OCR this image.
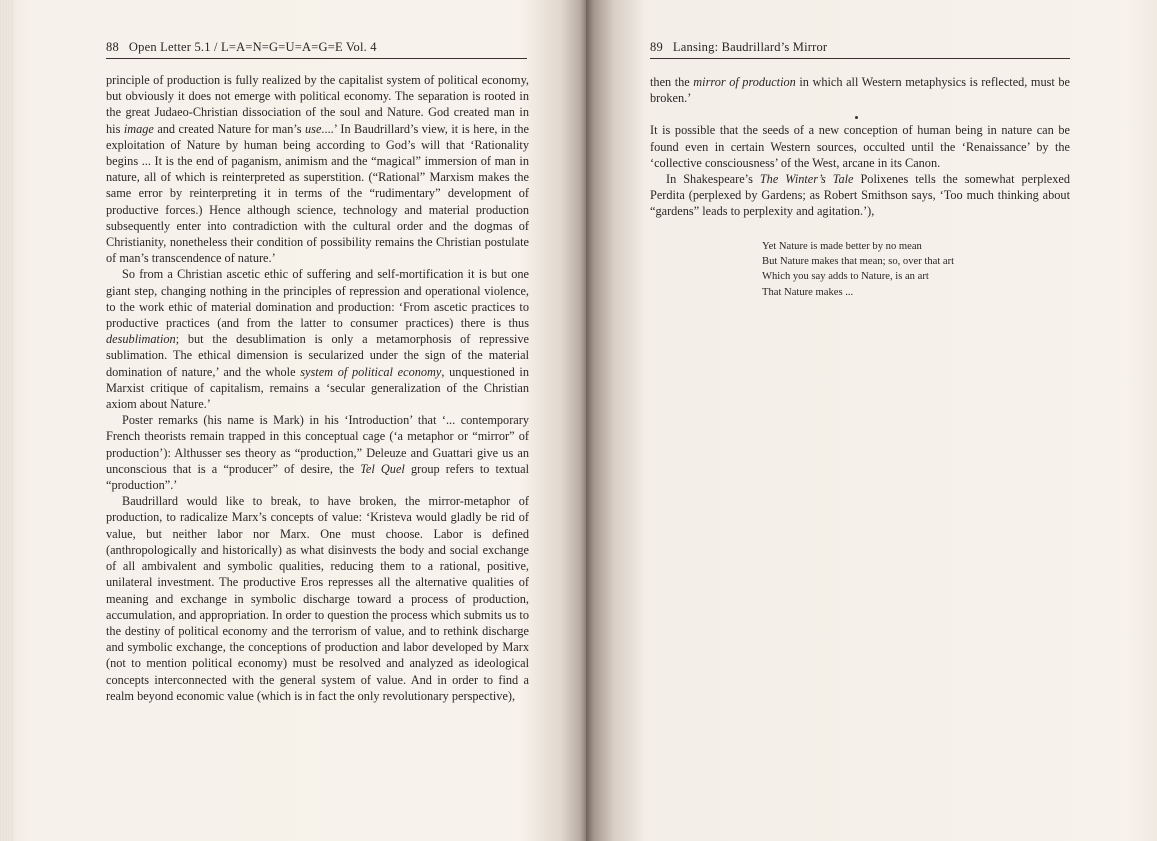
88 Open Letter 5.1 / L=A=N=G=U=A=G=E Vol. 4

principle of production is fully realized by the capitalist system of political economy, but obviously it does not emerge with political economy. The separation is rooted in the great Judaeo-Christian dissociation of the soul and Nature. God created man in his image and created Nature for man’s use....’ In Baudrillard’s view, it is here, in the exploitation of Nature by human being according to God’s will that ‘Rationality begins ... It is the end of paganism, animism and the “magical” immersion of man in nature, all of which is reinterpreted as superstition. (“Rational” Marxism makes the same error by reinterpreting it in terms of the “rudimentary” development of productive forces.) Hence although science, technology and material production subsequently enter into contradiction with the cultural order and the dogmas of Christianity, nonetheless their condition of possibility remains the Christian postulate of man’s transcendence of nature.’

So from a Christian ascetic ethic of suffering and self-mortification it is but one giant step, changing nothing in the principles of repression and operational violence, to the work ethic of material domination and production: ‘From ascetic practices to productive practices (and from the latter to consumer practices) there is thus desublimation; but the desublimation is only a metamorphosis of repressive sublimation. The ethical dimension is secularized under the sign of the material domination of nature,’ and the whole system of political economy, unquestioned in Marxist critique of capitalism, remains a ‘secular generalization of the Christian axiom about Nature.’

Poster remarks (his name is Mark) in his ‘Introduction’ that ‘... contemporary French theorists remain trapped in this conceptual cage (‘a metaphor or “mirror” of production’): Althusser ses theory as “production,” Deleuze and Guattari give us an unconscious that is a “producer” of desire, the Tel Quel group refers to textual “production”.’

Baudrillard would like to break, to have broken, the mirror-metaphor of production, to radicalize Marx’s concepts of value: ‘Kristeva would gladly be rid of value, but neither labor nor Marx. One must choose. Labor is defined (anthropologically and historically) as what disinvests the body and social exchange of all ambivalent and symbolic qualities, reducing them to a rational, positive, unilateral investment. The productive Eros represses all the alternative qualities of meaning and exchange in symbolic discharge toward a process of production, accumulation, and appropriation. In order to question the process which submits us to the destiny of political economy and the terrorism of value, and to rethink discharge and symbolic exchange, the conceptions of production and labor developed by Marx (not to mention political economy) must be resolved and analyzed as ideological concepts interconnected with the general system of value. And in order to find a realm beyond economic value (which is in fact the only revolutionary perspective),

89 Lansing: Baudrillard’s Mirror

then the mirror of production in which all Western metaphysics is reflected, must be broken.’

It is possible that the seeds of a new conception of human being in nature can be found even in certain Western sources, occulted until the ‘Renaissance’ by the ‘collective consciousness’ of the West, arcane in its Canon.

In Shakespeare’s The Winter’s Tale Polixenes tells the somewhat perplexed Perdita (perplexed by Gardens; as Robert Smithson says, ‘Too much thinking about “gardens” leads to perplexity and agitation.’),

Yet Nature is made better by no mean
But Nature makes that mean; so, over that art
Which you say adds to Nature, is an art
That Nature makes ...
